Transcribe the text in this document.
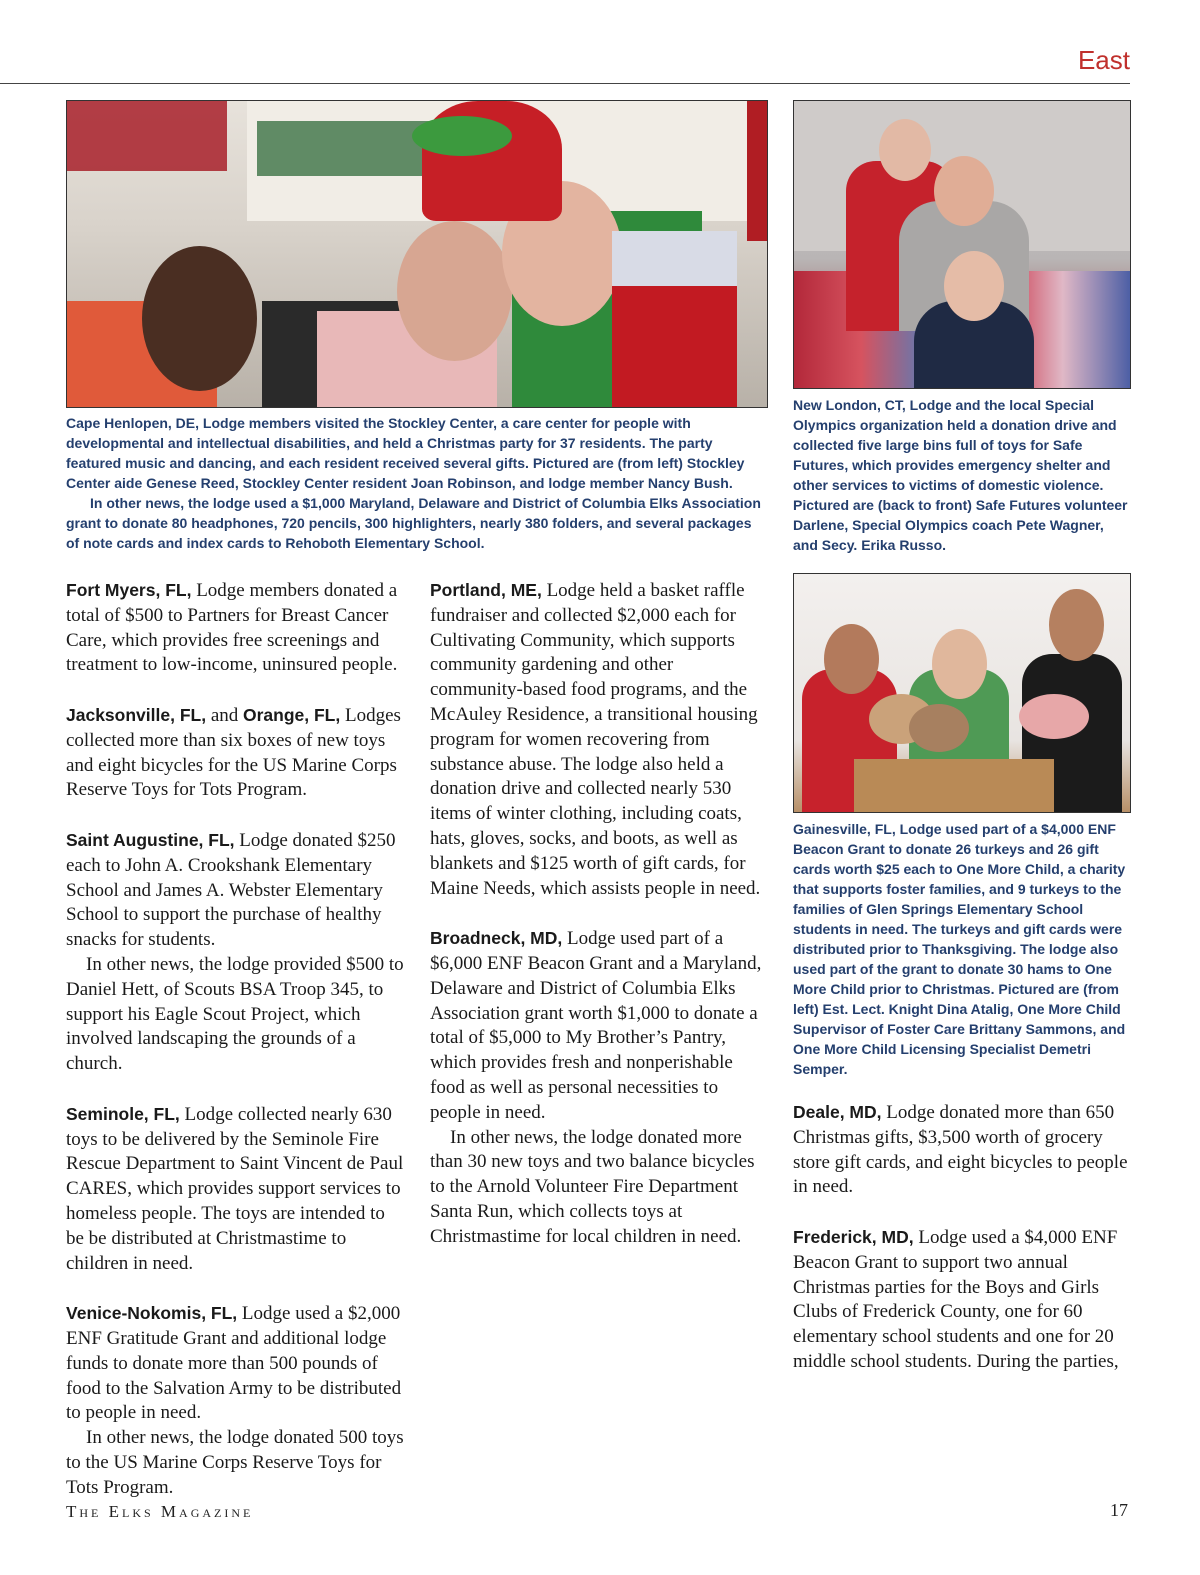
East

Cape Henlopen, DE, Lodge members visited the Stockley Center, a care center for people with developmental and intellectual disabilities, and held a Christmas party for 37 residents. The party featured music and dancing, and each resident received several gifts. Pictured are (from left) Stockley Center aide Genese Reed, Stockley Center resident Joan Robinson, and lodge member Nancy Bush.

In other news, the lodge used a $1,000 Maryland, Delaware and District of Columbia Elks Association grant to donate 80 headphones, 720 pencils, 300 highlighters, nearly 380 folders, and several packages of note cards and index cards to Rehoboth Elementary School.

New London, CT, Lodge and the local Special Olympics organization held a donation drive and collected five large bins full of toys for Safe Futures, which provides emergency shelter and other services to victims of domestic violence. Pictured are (back to front) Safe Futures volunteer Darlene, Special Olympics coach Pete Wagner, and Secy. Erika Russo.

Gainesville, FL, Lodge used part of a $4,000 ENF Beacon Grant to donate 26 turkeys and 26 gift cards worth $25 each to One More Child, a charity that supports foster families, and 9 turkeys to the families of Glen Springs Elementary School students in need. The turkeys and gift cards were distributed prior to Thanksgiving. The lodge also used part of the grant to donate 30 hams to One More Child prior to Christmas. Pictured are (from left) Est. Lect. Knight Dina Atalig, One More Child Supervisor of Foster Care Brittany Sammons, and One More Child Licensing Specialist Demetri Semper.

Fort Myers, FL, Lodge members donated a total of $500 to Partners for Breast Cancer Care, which provides free screenings and treatment to low-income, uninsured people.

Jacksonville, FL, and Orange, FL, Lodges collected more than six boxes of new toys and eight bicycles for the US Marine Corps Reserve Toys for Tots Program.

Saint Augustine, FL, Lodge donated $250 each to John A. Crookshank Elementary School and James A. Webster Elementary School to support the purchase of healthy snacks for students.

In other news, the lodge provided $500 to Daniel Hett, of Scouts BSA Troop 345, to support his Eagle Scout Project, which involved landscaping the grounds of a church.

Seminole, FL, Lodge collected nearly 630 toys to be delivered by the Seminole Fire Rescue Department to Saint Vincent de Paul CARES, which provides support services to homeless people. The toys are intended to be be distributed at Christmastime to children in need.

Venice-Nokomis, FL, Lodge used a $2,000 ENF Gratitude Grant and additional lodge funds to donate more than 500 pounds of food to the Salvation Army to be distributed to people in need.

In other news, the lodge donated 500 toys to the US Marine Corps Reserve Toys for Tots Program.

Portland, ME, Lodge held a basket raffle fundraiser and collected $2,000 each for Cultivating Community, which supports community gardening and other community-based food programs, and the McAuley Residence, a transitional housing program for women recovering from substance abuse. The lodge also held a donation drive and collected nearly 530 items of winter clothing, including coats, hats, gloves, socks, and boots, as well as blankets and $125 worth of gift cards, for Maine Needs, which assists people in need.

Broadneck, MD, Lodge used part of a $6,000 ENF Beacon Grant and a Maryland, Delaware and District of Columbia Elks Association grant worth $1,000 to donate a total of $5,000 to My Brother’s Pantry, which provides fresh and nonperishable food as well as personal necessities to people in need.

In other news, the lodge donated more than 30 new toys and two balance bicycles to the Arnold Volunteer Fire Department Santa Run, which collects toys at Christmastime for local children in need.

Deale, MD, Lodge donated more than 650 Christmas gifts, $3,500 worth of grocery store gift cards, and eight bicycles to people in need.

Frederick, MD, Lodge used a $4,000 ENF Beacon Grant to support two annual Christmas parties for the Boys and Girls Clubs of Frederick County, one for 60 elementary school students and one for 20 middle school students. During the parties,

The Elks Magazine	17
